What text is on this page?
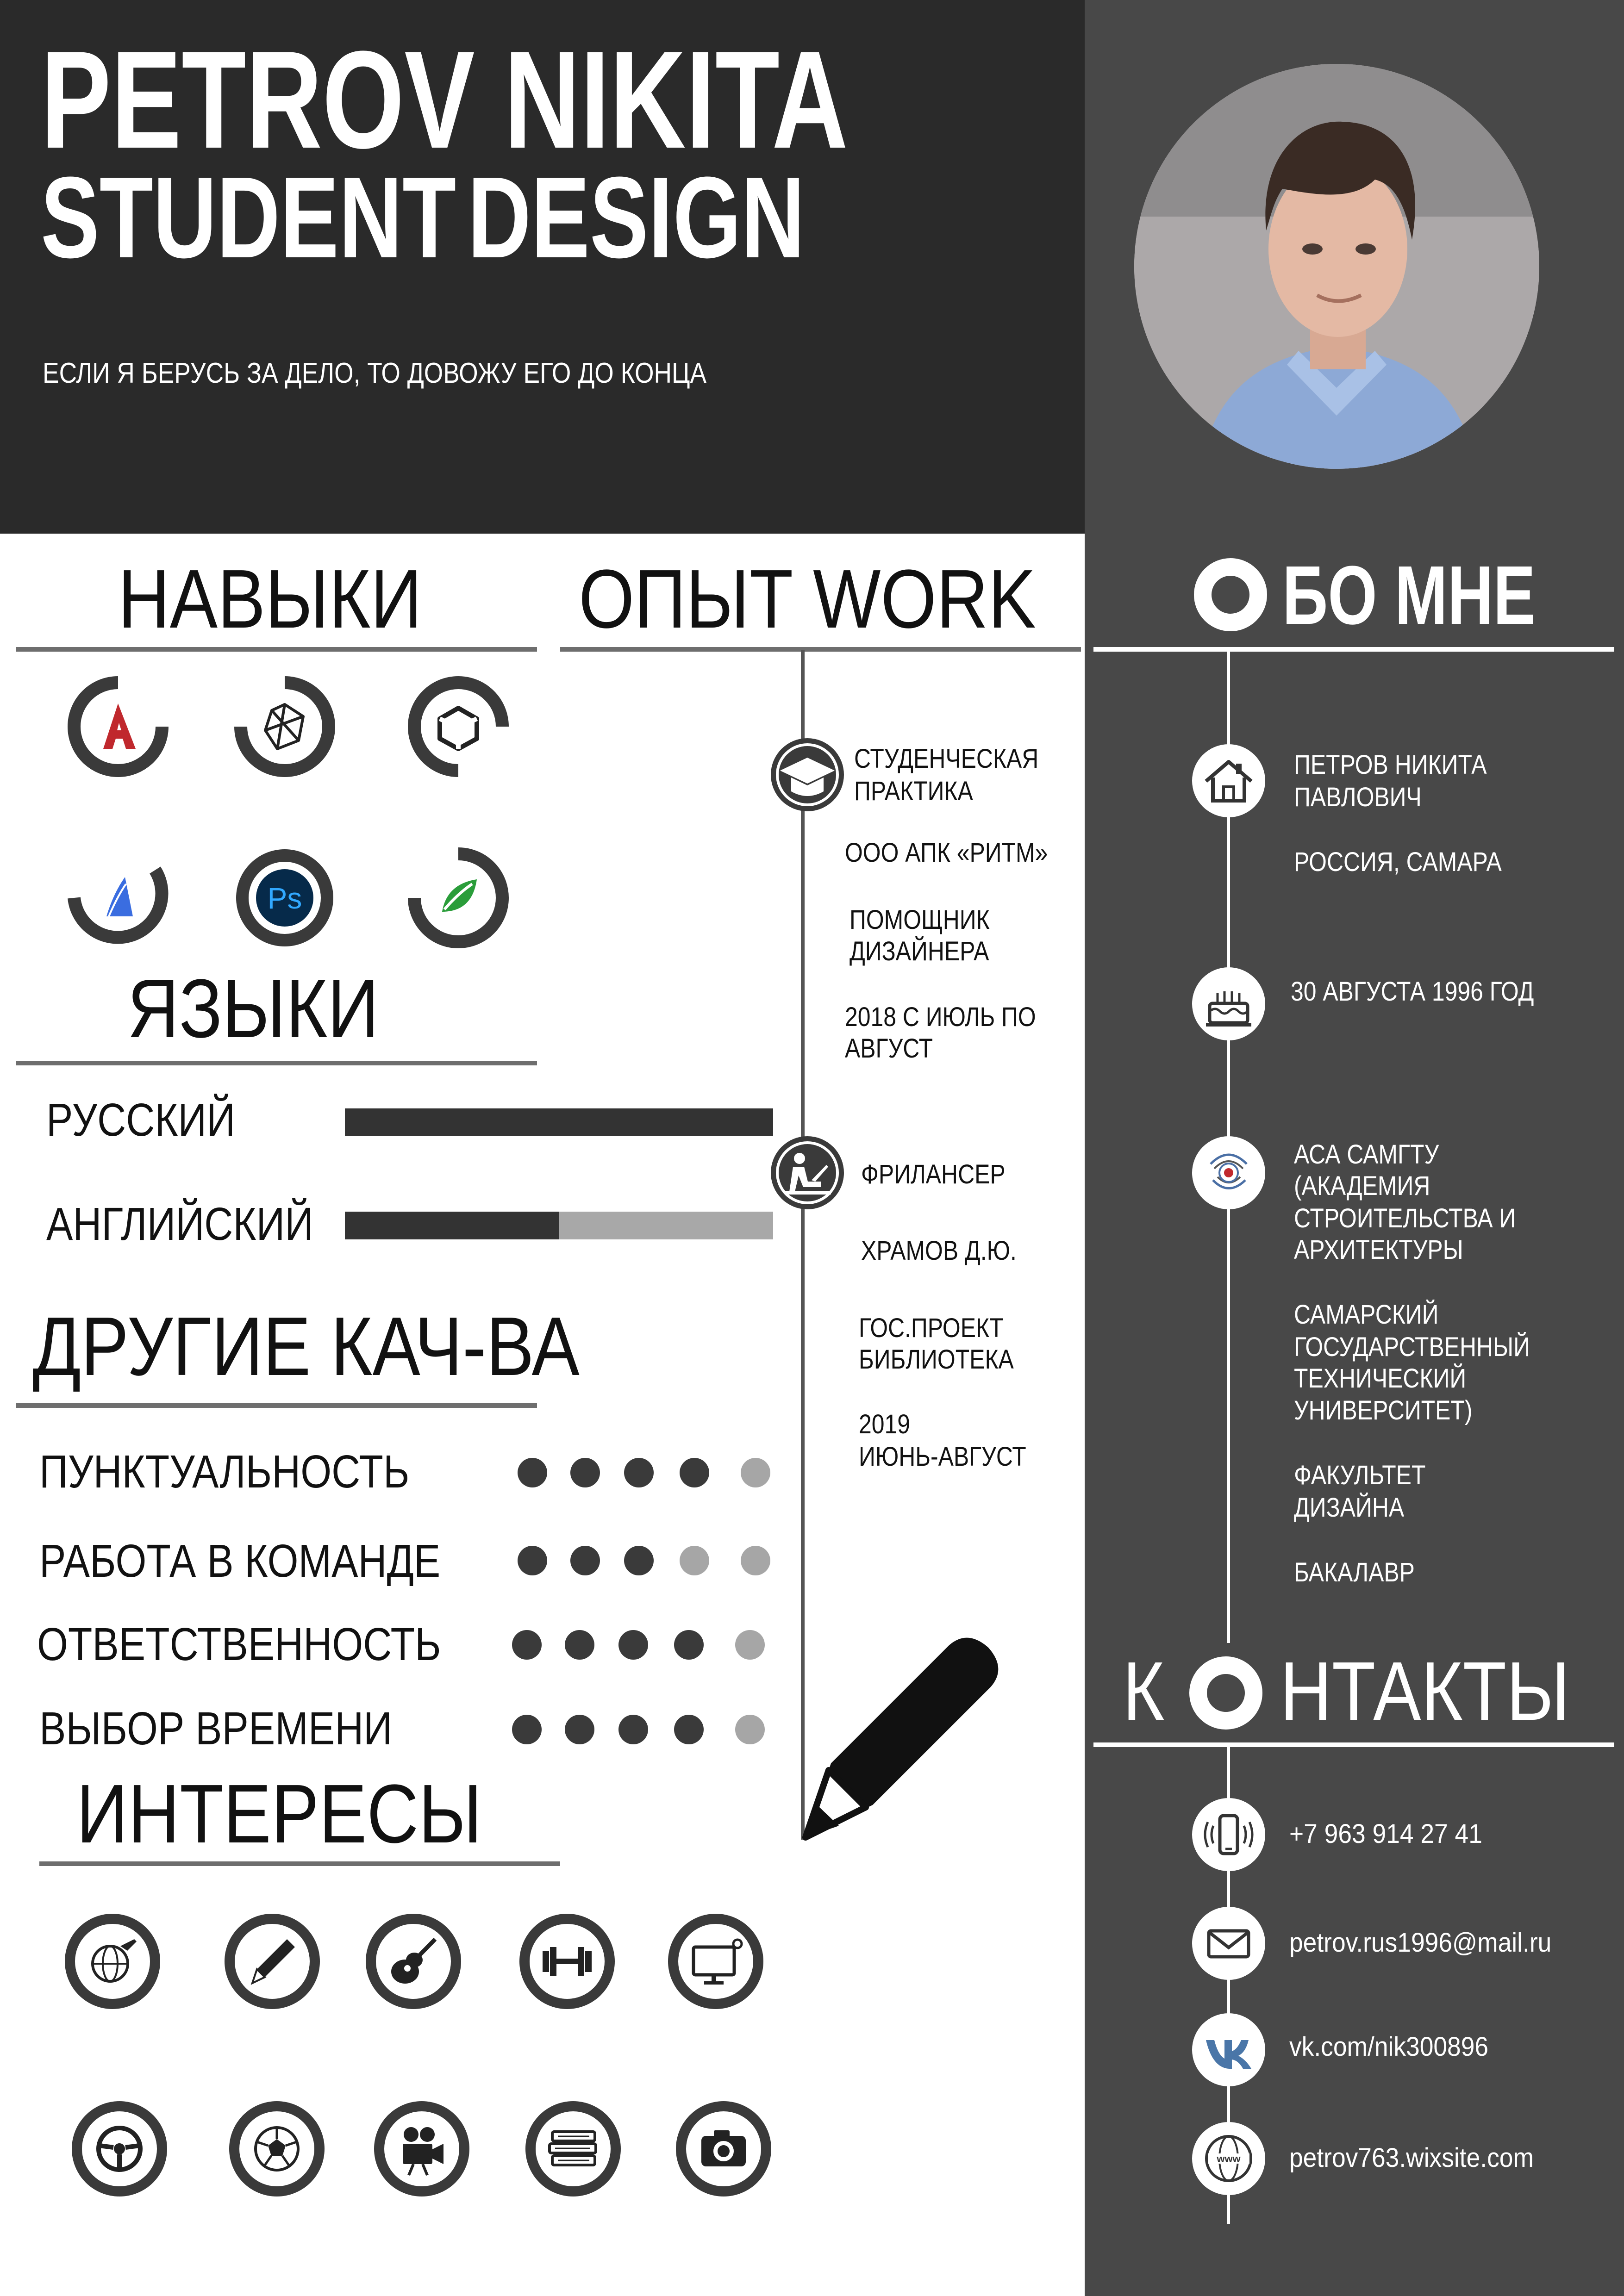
PETROV NIKITA
STUDENT DESIGN
ЕСЛИ Я БЕРУСЬ ЗА ДЕЛО, ТО ДОВОЖУ ЕГО ДО КОНЦА
НАВЫКИ
Ps
ОПЫТ WORK
СТУДЕНЧЕСКАЯ
ПРАКТИКА
ООО АПК «РИТМ»
ПОМОЩНИК
ДИЗАЙНЕРА
2018 С ИЮЛЬ ПО
АВГУСТ
ФРИЛАНСЕР
ХРАМОВ Д.Ю.
ГОС.ПРОЕКТ
БИБЛИОТЕКА
2019
ИЮНЬ-АВГУСТ
ЯЗЫКИ
РУССКИЙ
АНГЛИЙСКИЙ
ДРУГИЕ КАЧ-ВА
ПУНКТУАЛЬНОСТЬ
РАБОТА В КОМАНДЕ
ОТВЕТСТВЕННОСТЬ
ВЫБОР ВРЕМЕНИ
ИНТЕРЕСЫ
БО МНЕ
ПЕТРОВ НИКИТА
ПАВЛОВИЧ
РОССИЯ, САМАРА
30 АВГУСТА 1996 ГОД
АСА САМГТУ
(АКАДЕМИЯ
СТРОИТЕЛЬСТВА И
АРХИТЕКТУРЫ
САМАРСКИЙ
ГОСУДАРСТВЕННЫЙ
ТЕХНИЧЕСКИЙ
УНИВЕРСИТЕТ)
ФАКУЛЬТЕТ
ДИЗАЙНА
БАКАЛАВР
К НТАКТЫ
+7 963 914 27 41
petrov.rus1996@mail.ru
vk.com/nik300896
www petrov763.wixsite.com
